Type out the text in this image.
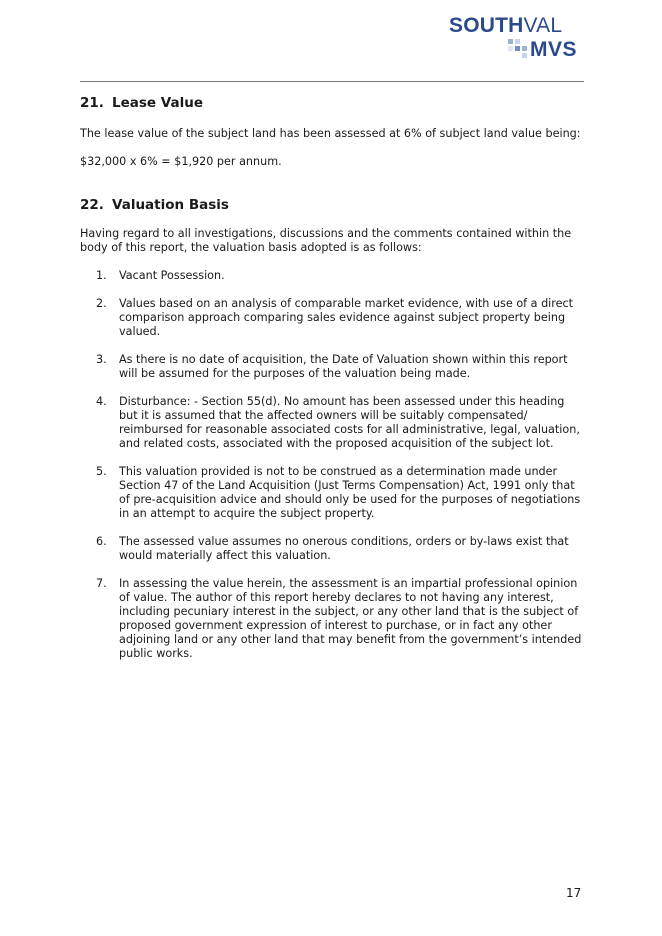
SOUTHVAL
MVS
21. Lease Value

The lease value of the subject land has been assessed at 6% of subject land value being:

$32,000 x 6% = $1,920 per annum.

22. Valuation Basis

Having regard to all investigations, discussions and the comments contained within the body of this report, the valuation basis adopted is as follows:

1. Vacant Possession.
2. Values based on an analysis of comparable market evidence, with use of a direct comparison approach comparing sales evidence against subject property being valued.
3. As there is no date of acquisition, the Date of Valuation shown within this report will be assumed for the purposes of the valuation being made.
4. Disturbance: - Section 55(d). No amount has been assessed under this heading but it is assumed that the affected owners will be suitably compensated/ reimbursed for reasonable associated costs for all administrative, legal, valuation, and related costs, associated with the proposed acquisition of the subject lot.
5. This valuation provided is not to be construed as a determination made under Section 47 of the Land Acquisition (Just Terms Compensation) Act, 1991 only that of pre-acquisition advice and should only be used for the purposes of negotiations in an attempt to acquire the subject property.
6. The assessed value assumes no onerous conditions, orders or by-laws exist that would materially affect this valuation.
7. In assessing the value herein, the assessment is an impartial professional opinion of value. The author of this report hereby declares to not having any interest, including pecuniary interest in the subject, or any other land that is the subject of proposed government expression of interest to purchase, or in fact any other adjoining land or any other land that may benefit from the government’s intended public works.
17
